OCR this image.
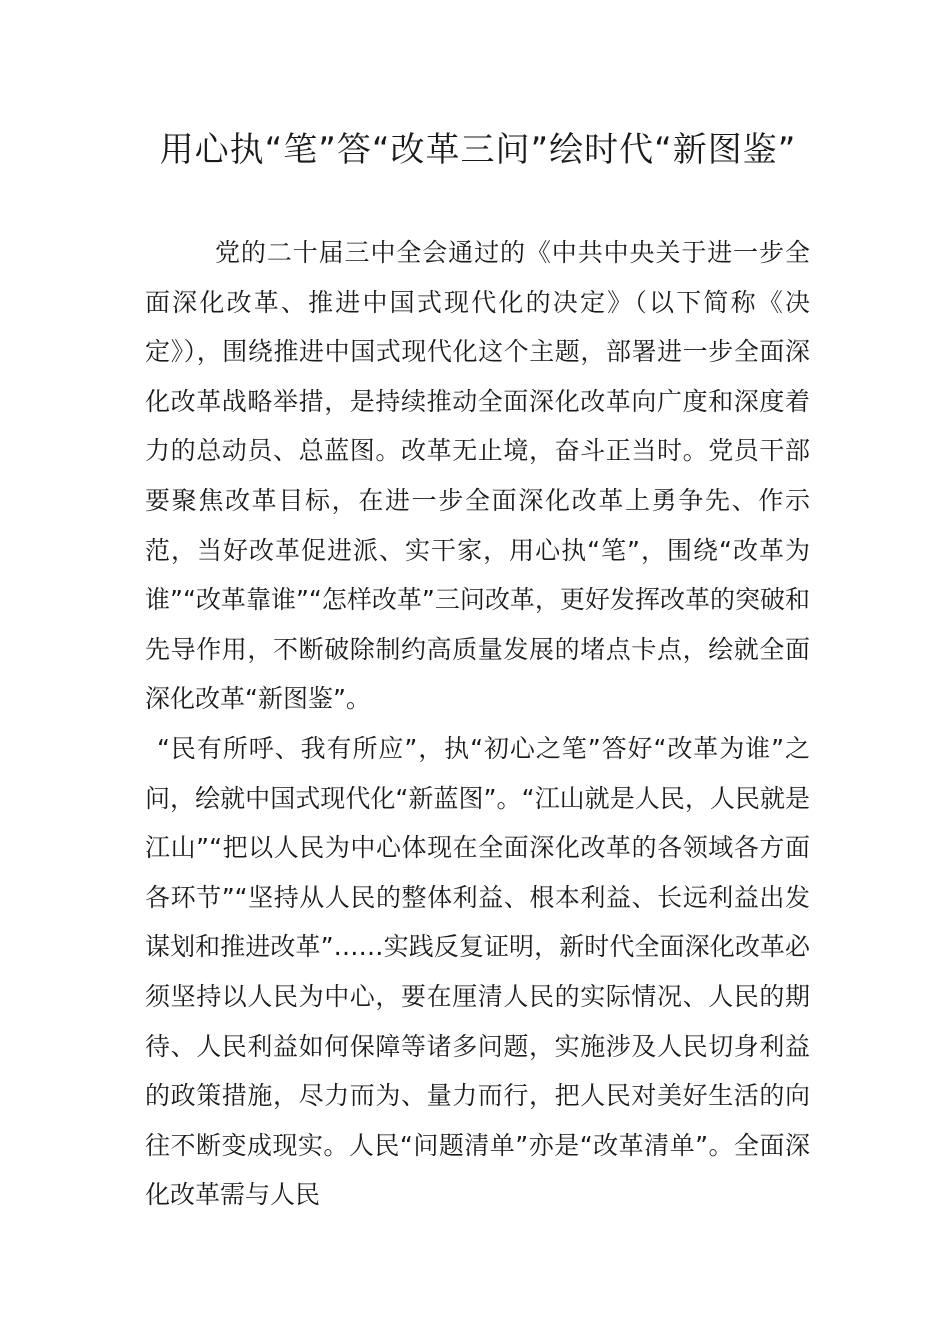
用心执“笔”答“改革三问”绘时代“新图鉴”

党的二十届三中全会通过的《中共中央关于进一步全面深化改革、推进中国式现代化的决定》（以下简称《决定》），围绕推进中国式现代化这个主题，部署进一步全面深化改革战略举措，是持续推动全面深化改革向广度和深度着力的总动员、总蓝图。改革无止境，奋斗正当时。党员干部要聚焦改革目标，在进一步全面深化改革上勇争先、作示范，当好改革促进派、实干家，用心执“笔”，围绕“改革为谁”“改革靠谁”“怎样改革”三问改革，更好发挥改革的突破和先导作用，不断破除制约高质量发展的堵点卡点，绘就全面深化改革“新图鉴”。

“民有所呼、我有所应”，执“初心之笔”答好“改革为谁”之问，绘就中国式现代化“新蓝图”。“江山就是人民，人民就是江山”“把以人民为中心体现在全面深化改革的各领域各方面各环节”“坚持从人民的整体利益、根本利益、长远利益出发谋划和推进改革”……实践反复证明，新时代全面深化改革必须坚持以人民为中心，要在厘清人民的实际情况、人民的期待、人民利益如何保障等诸多问题，实施涉及人民切身利益的政策措施，尽力而为、量力而行，把人民对美好生活的向往不断变成现实。人民“问题清单”亦是“改革清单”。全面深化改革需与人民
